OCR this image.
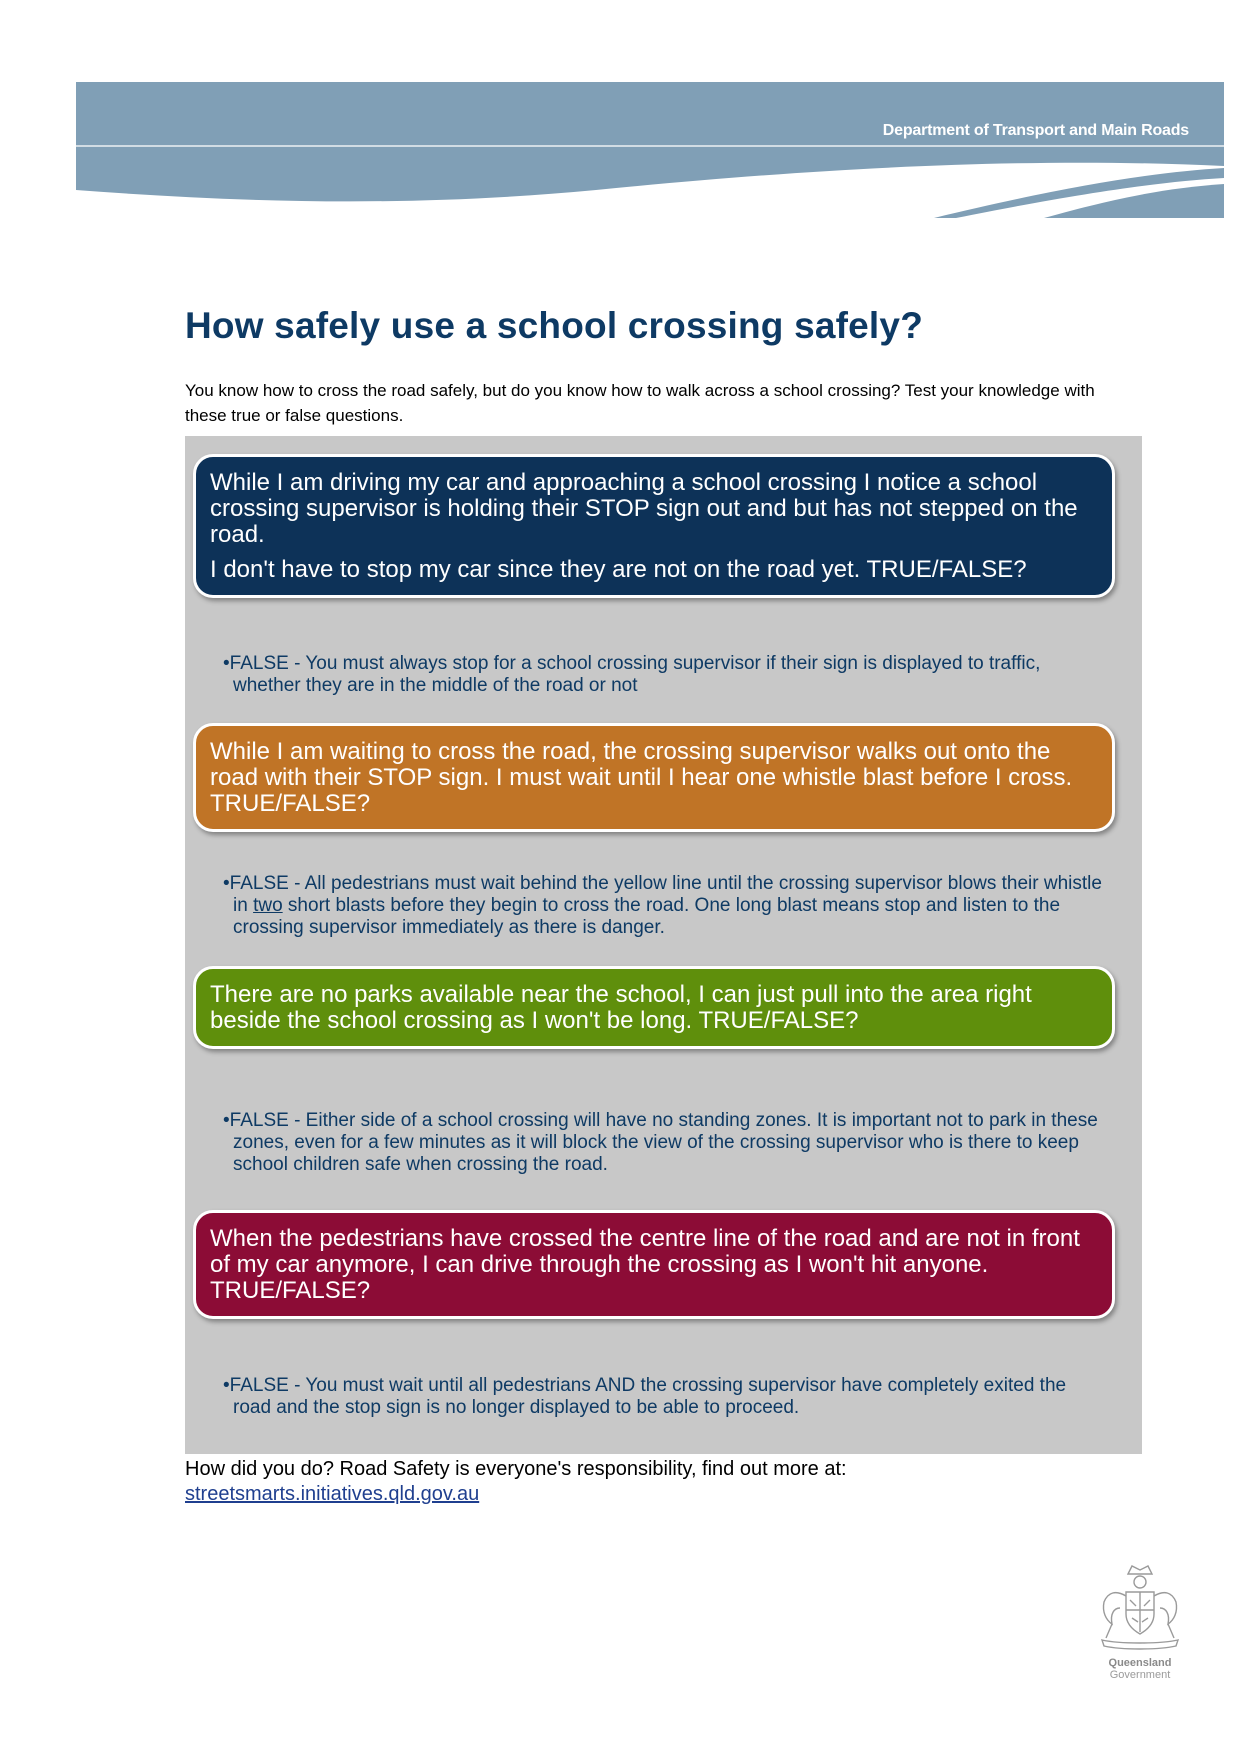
Department of Transport and Main Roads
How safely use a school crossing safely?
You know how to cross the road safely, but do you know how to walk across a school crossing? Test your knowledge with these true or false questions.

While I am driving my car and approaching a school crossing I notice a school crossing supervisor is holding their STOP sign out and but has not stepped on the road.

I don't have to stop my car since they are not on the road yet. TRUE/FALSE?

•FALSE - You must always stop for a school crossing supervisor if their sign is displayed to traffic, whether they are in the middle of the road or not

While I am waiting to cross the road, the crossing supervisor walks out onto the road with their STOP sign. I must wait until I hear one whistle blast before I cross. TRUE/FALSE?

•FALSE - All pedestrians must wait behind the yellow line until the crossing supervisor blows their whistle in two short blasts before they begin to cross the road. One long blast means stop and listen to the crossing supervisor immediately as there is danger.

There are no parks available near the school, I can just pull into the area right beside the school crossing as I won't be long. TRUE/FALSE?

•FALSE - Either side of a school crossing will have no standing zones. It is important not to park in these zones, even for a few minutes as it will block the view of the crossing supervisor who is there to keep school children safe when crossing the road.

When the pedestrians have crossed the centre line of the road and are not in front of my car anymore, I can drive through the crossing as I won't hit anyone. TRUE/FALSE?

•FALSE - You must wait until all pedestrians AND the crossing supervisor have completely exited the road and the stop sign is no longer displayed to be able to proceed.
How did you do? Road Safety is everyone's responsibility, find out more at:
streetsmarts.initiatives.qld.gov.au
Queensland
Government
